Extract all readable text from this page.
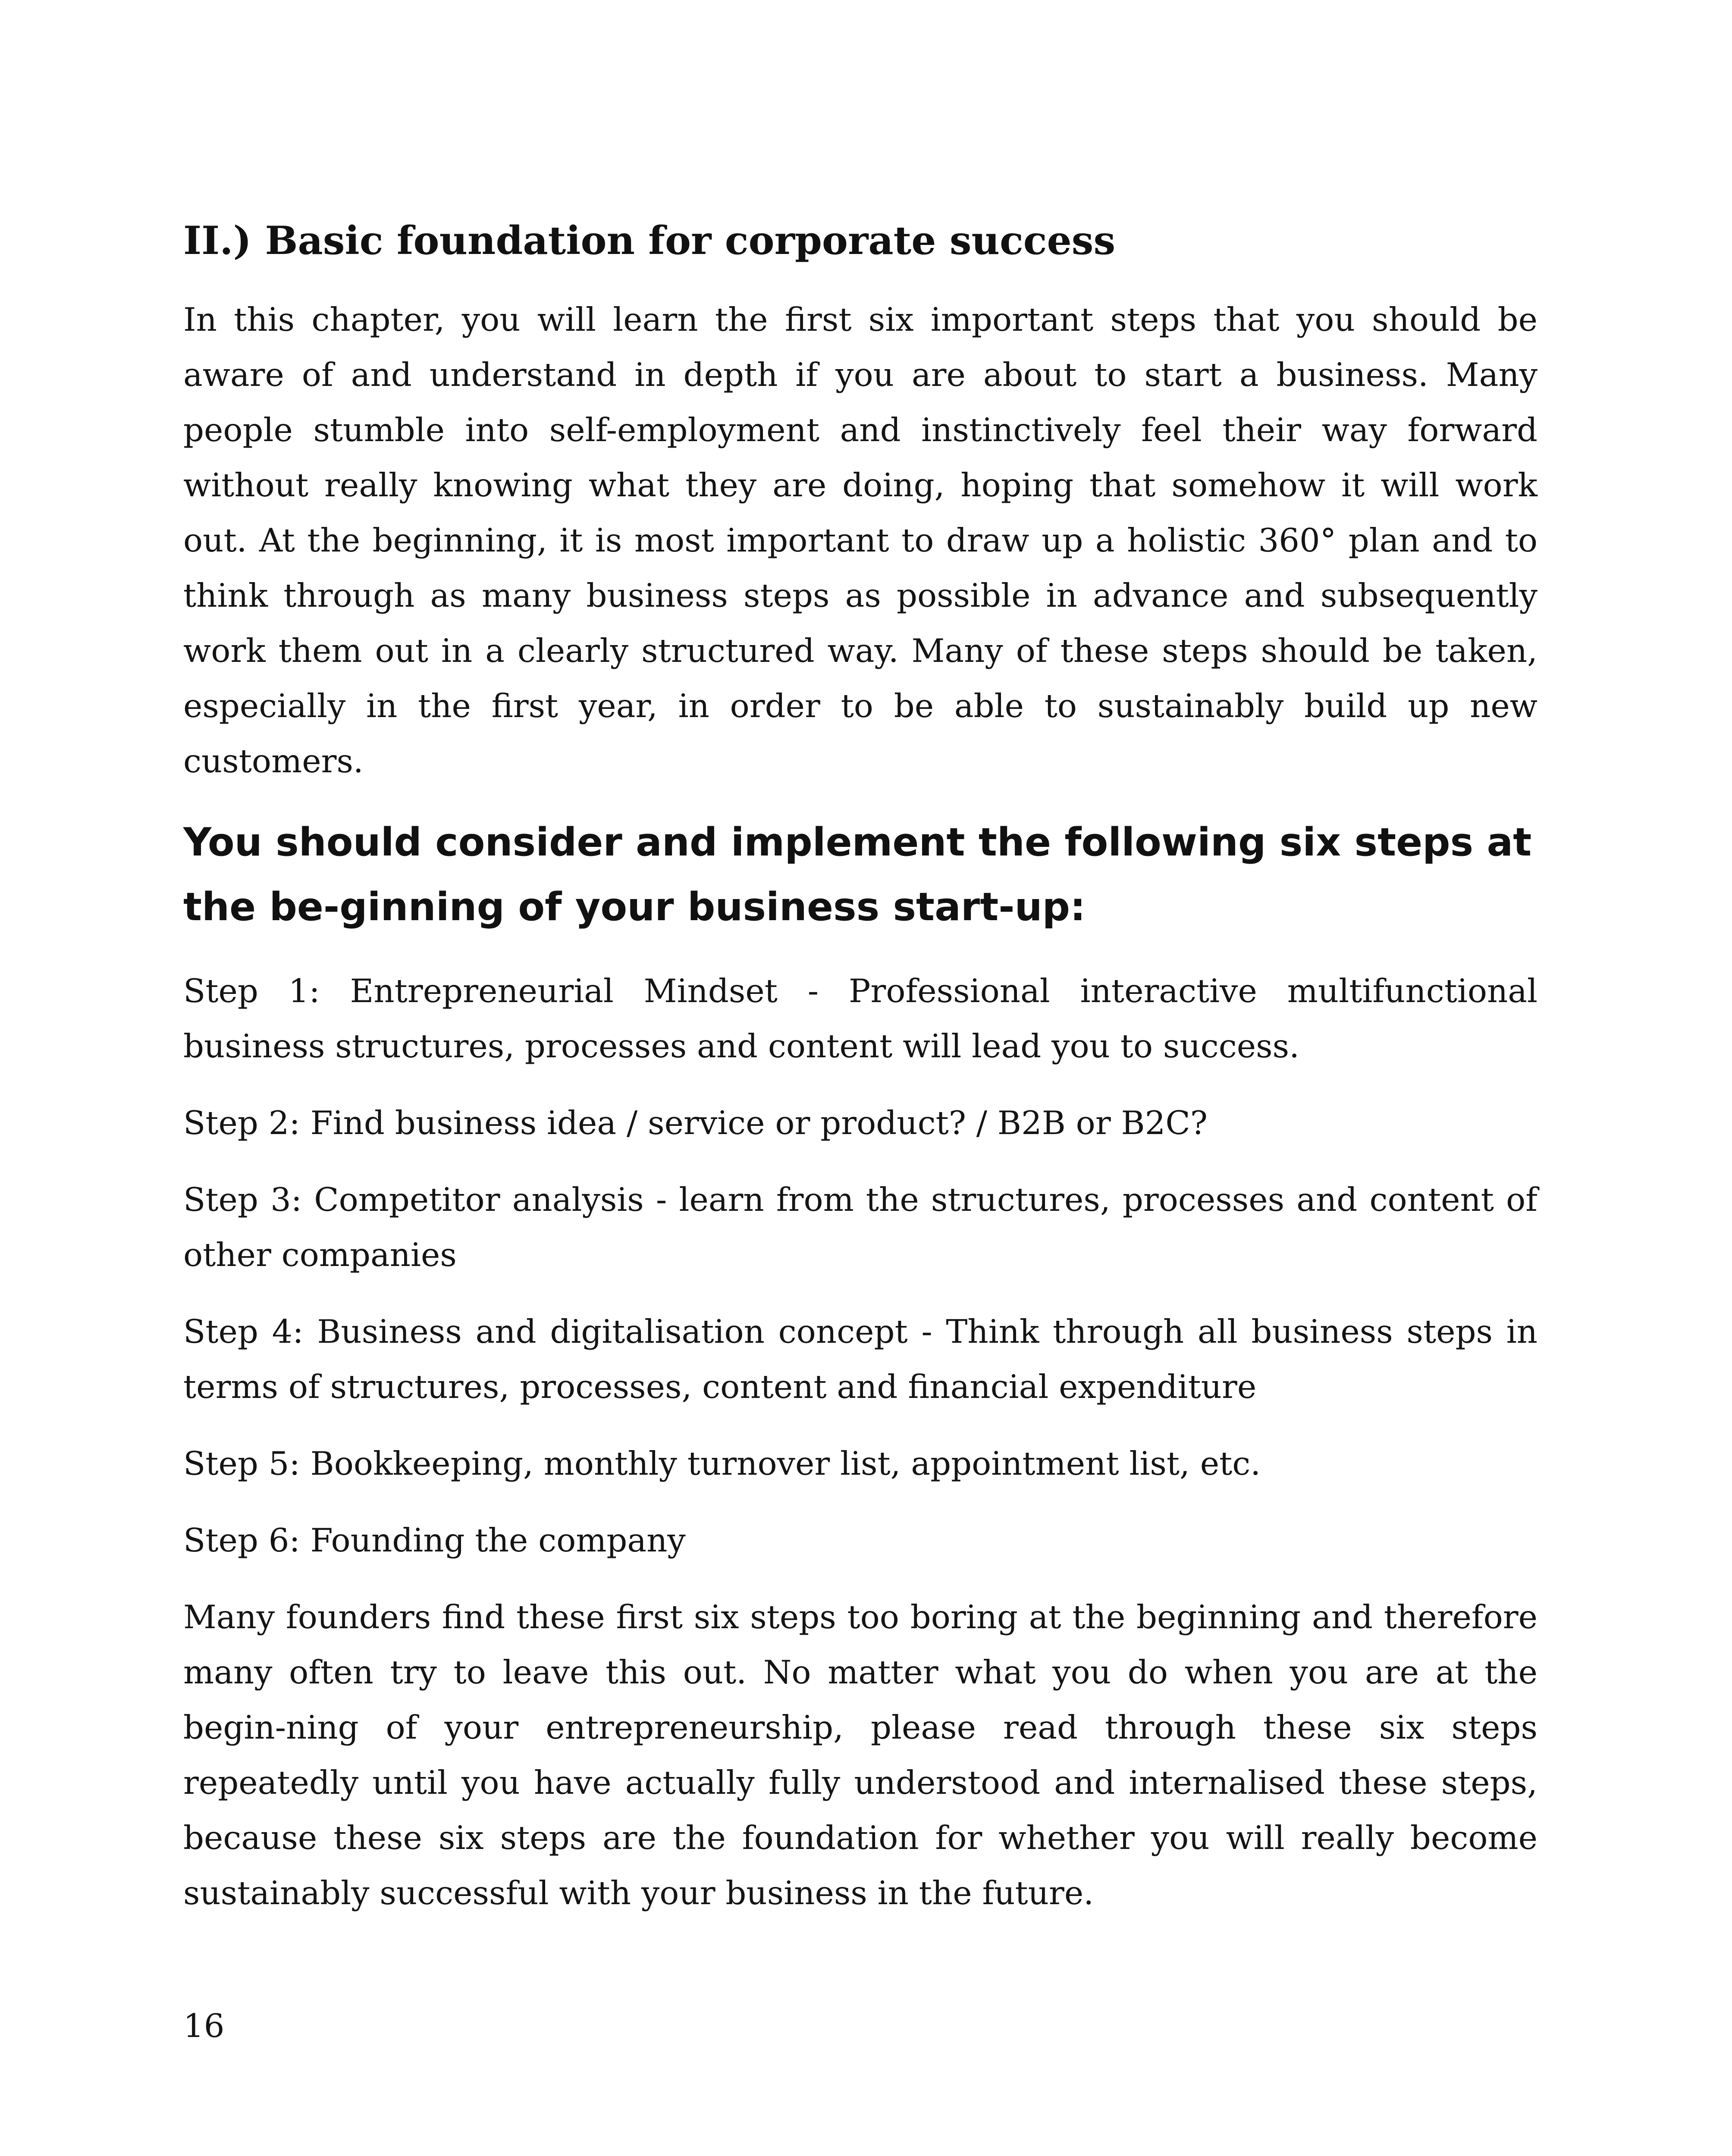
II.) Basic foundation for corporate success

In this chapter, you will learn the first six important steps that you should be aware of and understand in depth if you are about to start a business. Many people stumble into self-employment and instinctively feel their way forward without really knowing what they are doing, hoping that somehow it will work out. At the beginning, it is most important to draw up a holistic 360° plan and to think through as many business steps as possible in advance and subsequently work them out in a clearly structured way. Many of these steps should be taken, especially in the first year, in order to be able to sustainably build up new customers.

You should consider and implement the following six steps at the be-ginning of your business start-up:

Step 1: Entrepreneurial Mindset - Professional interactive multifunctional business structures, processes and content will lead you to success.

Step 2: Find business idea / service or product? / B2B or B2C?

Step 3: Competitor analysis - learn from the structures, processes and content of other companies

Step 4: Business and digitalisation concept - Think through all business steps in terms of structures, processes, content and financial expenditure

Step 5: Bookkeeping, monthly turnover list, appointment list, etc.

Step 6: Founding the company

Many founders find these first six steps too boring at the beginning and therefore many often try to leave this out. No matter what you do when you are at the begin-ning of your entrepreneurship, please read through these six steps repeatedly until you have actually fully understood and internalised these steps, because these six steps are the foundation for whether you will really become sustainably successful with your business in the future.

16
